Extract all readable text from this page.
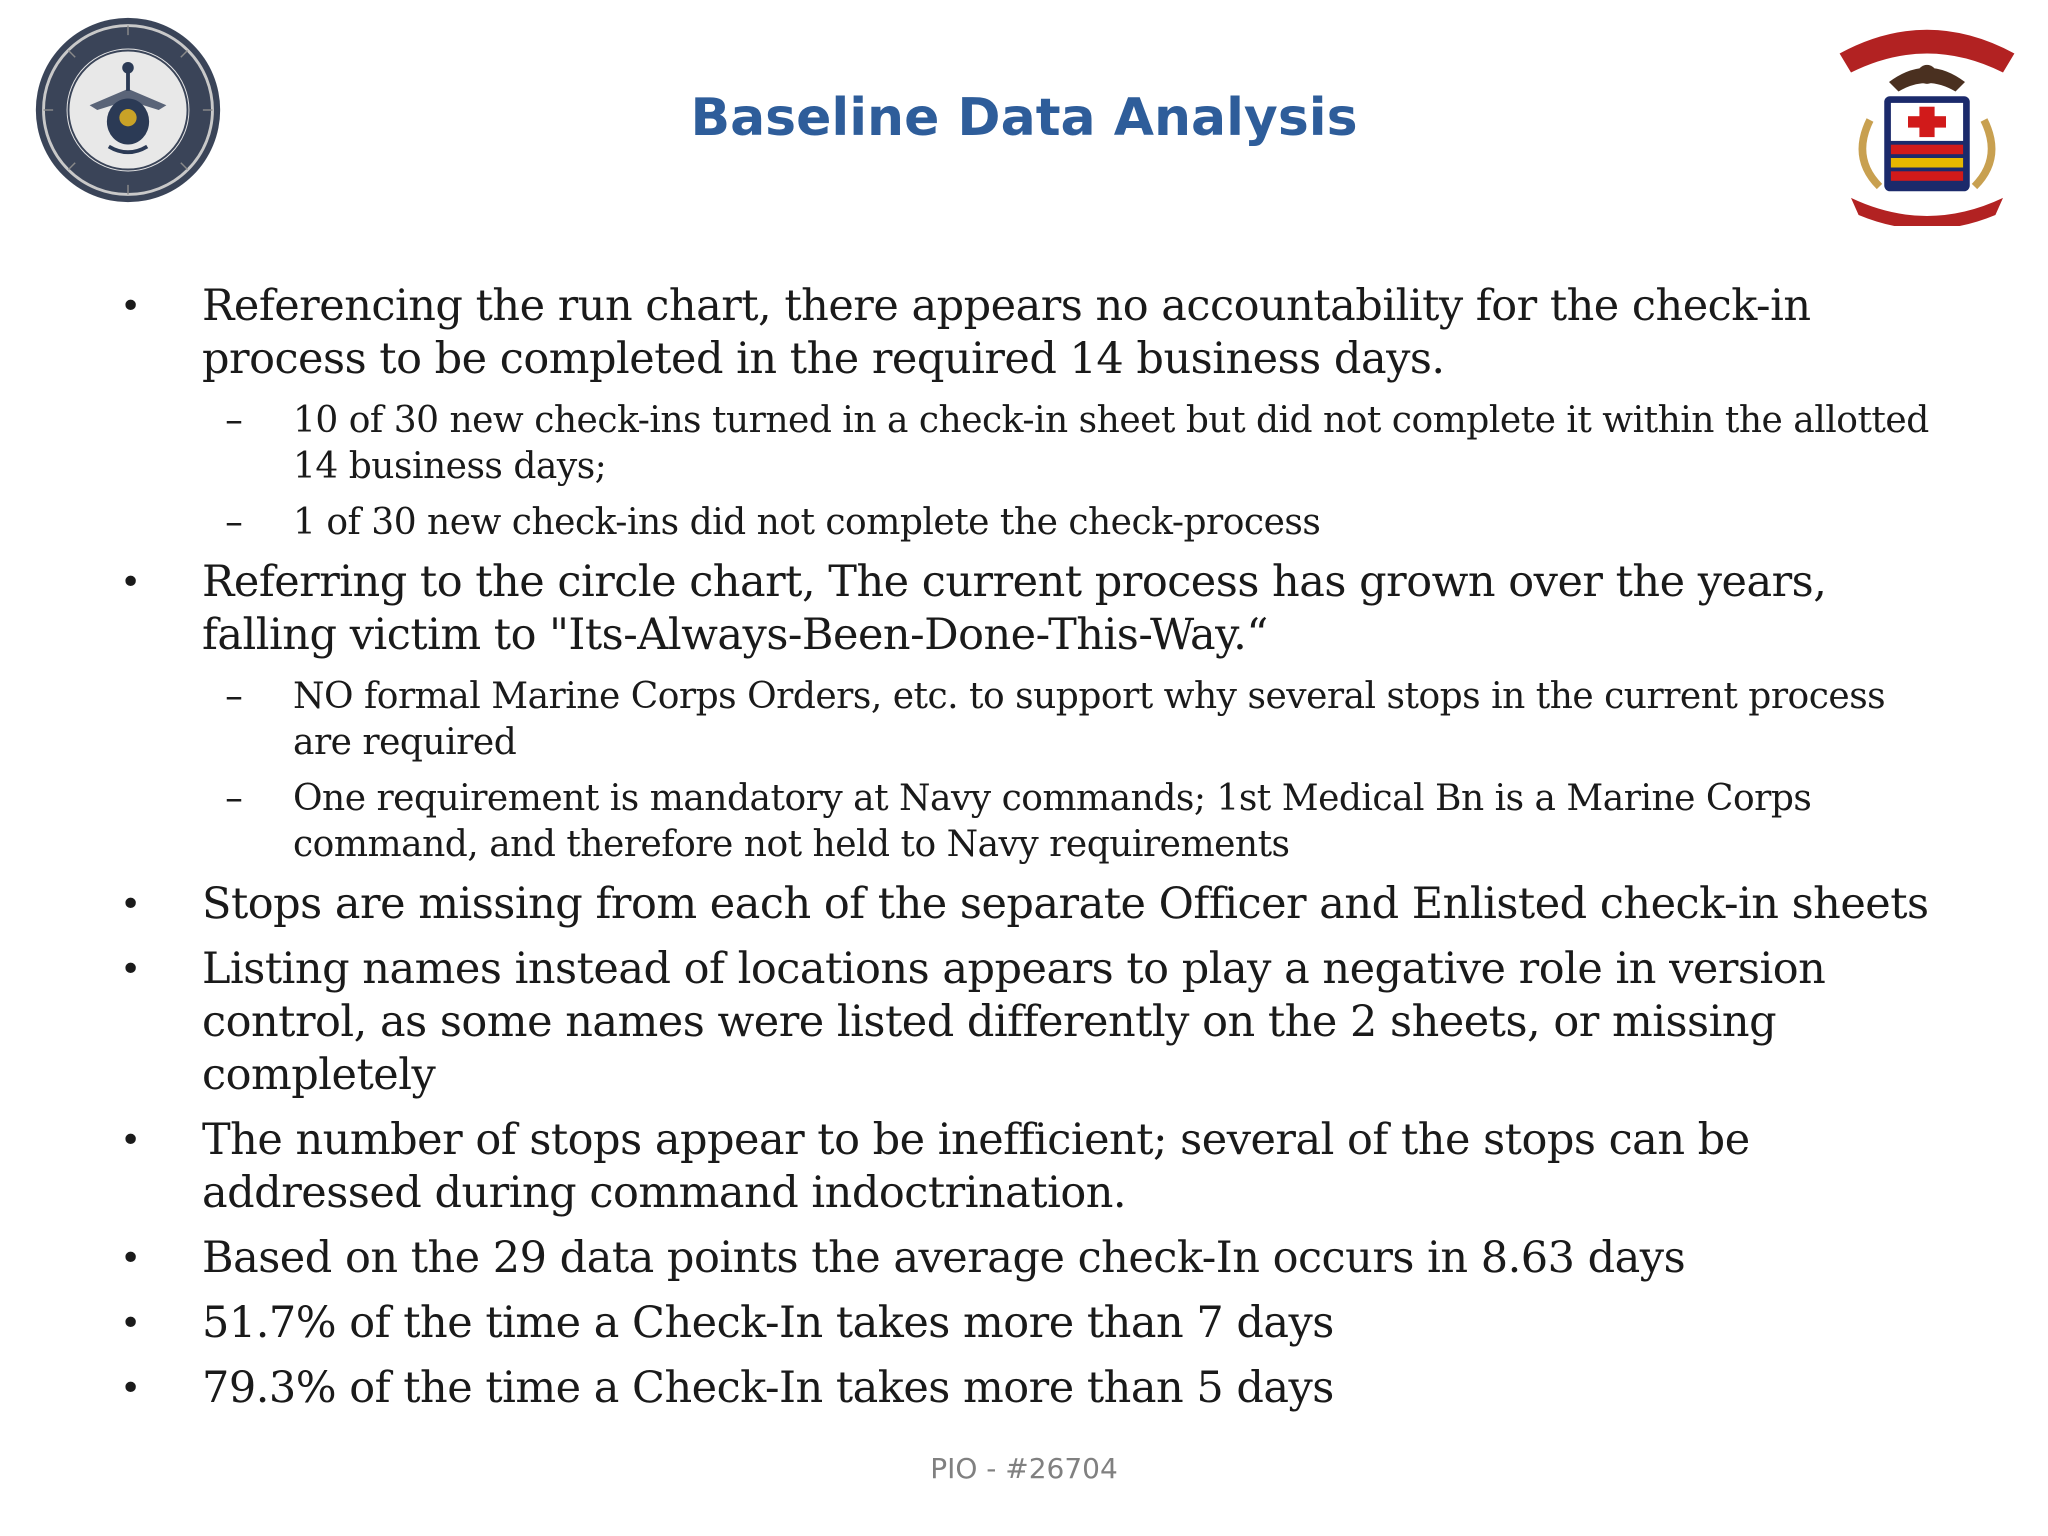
Baseline Data Analysis
• Referencing the run chart, there appears no accountability for the check-in process to be completed in the required 14 business days.
– 10 of 30 new check-ins turned in a check-in sheet but did not complete it within the allotted 14 business days;
– 1 of 30 new check-ins did not complete the check-process
• Referring to the circle chart, The current process has grown over the years, falling victim to "Its-Always-Been-Done-This-Way.“
– NO formal Marine Corps Orders, etc. to support why several stops in the current process are required
– One requirement is mandatory at Navy commands; 1st Medical Bn is a Marine Corps command, and therefore not held to Navy requirements
• Stops are missing from each of the separate Officer and Enlisted check-in sheets
• Listing names instead of locations appears to play a negative role in version control, as some names were listed differently on the 2 sheets, or missing completely
• The number of stops appear to be inefficient; several of the stops can be addressed during command indoctrination.
• Based on the 29 data points the average check-In occurs in 8.63 days
• 51.7% of the time a Check-In takes more than 7 days
• 79.3% of the time a Check-In takes more than 5 days
PIO - #26704
